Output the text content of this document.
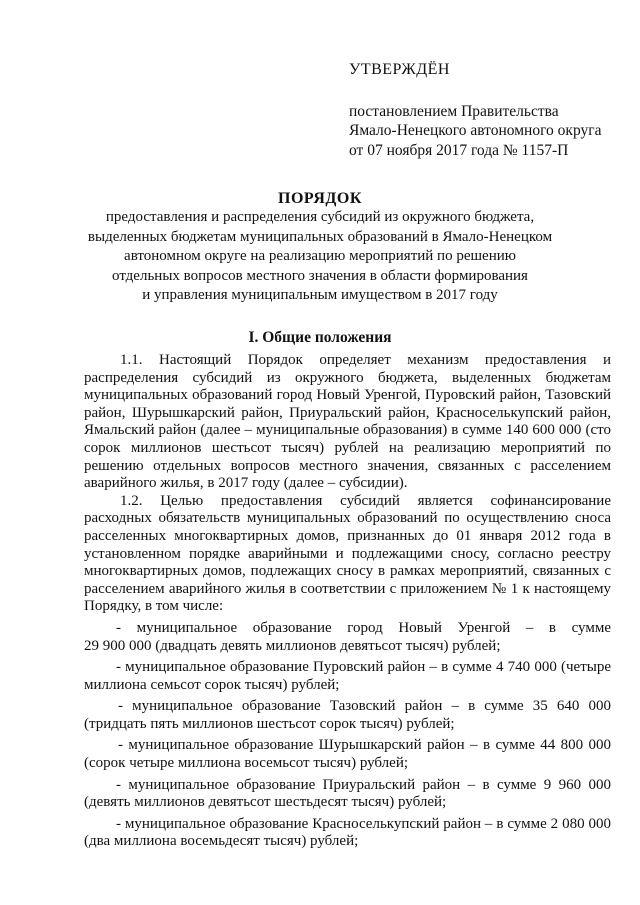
УТВЕРЖДЁН
постановлением Правительства
Ямало-Ненецкого автономного округа
от 07 ноября 2017 года № 1157-П
ПОРЯДОК
предоставления и распределения субсидий из окружного бюджета,
выделенных бюджетам муниципальных образований в Ямало-Ненецком
автономном округе на реализацию мероприятий по решению
отдельных вопросов местного значения в области формирования
и управления муниципальным имуществом в 2017 году
I. Общие положения
1.1. Настоящий Порядок определяет механизм предоставления и
распределения субсидий из окружного бюджета, выделенных бюджетам
муниципальных образований город Новый Уренгой, Пуровский район, Тазовский
район, Шурышкарский район, Приуральский район, Красноселькупский район,
Ямальский район (далее – муниципальные образования) в сумме 140 600 000 (сто
сорок миллионов шестьсот тысяч) рублей на реализацию мероприятий по
решению отдельных вопросов местного значения, связанных с расселением
аварийного жилья, в 2017 году (далее – субсидии).
1.2. Целью предоставления субсидий является софинансирование
расходных обязательств муниципальных образований по осуществлению сноса
расселенных многоквартирных домов, признанных до 01 января 2012 года в
установленном порядке аварийными и подлежащими сносу, согласно реестру
многоквартирных домов, подлежащих сносу в рамках мероприятий, связанных с
расселением аварийного жилья в соответствии с приложением № 1 к настоящему
Порядку, в том числе:
- муниципальное образование город Новый Уренгой – в сумме
29 900 000 (двадцать девять миллионов девятьсот тысяч) рублей;
- муниципальное образование Пуровский район – в сумме 4 740 000 (четыре
миллиона семьсот сорок тысяч) рублей;
- муниципальное образование Тазовский район – в сумме 35 640 000
(тридцать пять миллионов шестьсот сорок тысяч) рублей;
- муниципальное образование Шурышкарский район – в сумме 44 800 000
(сорок четыре миллиона восемьсот тысяч) рублей;
- муниципальное образование Приуральский район – в сумме 9 960 000
(девять миллионов девятьсот шестьдесят тысяч) рублей;
- муниципальное образование Красноселькупский район – в сумме 2 080 000
(два миллиона восемьдесят тысяч) рублей;
